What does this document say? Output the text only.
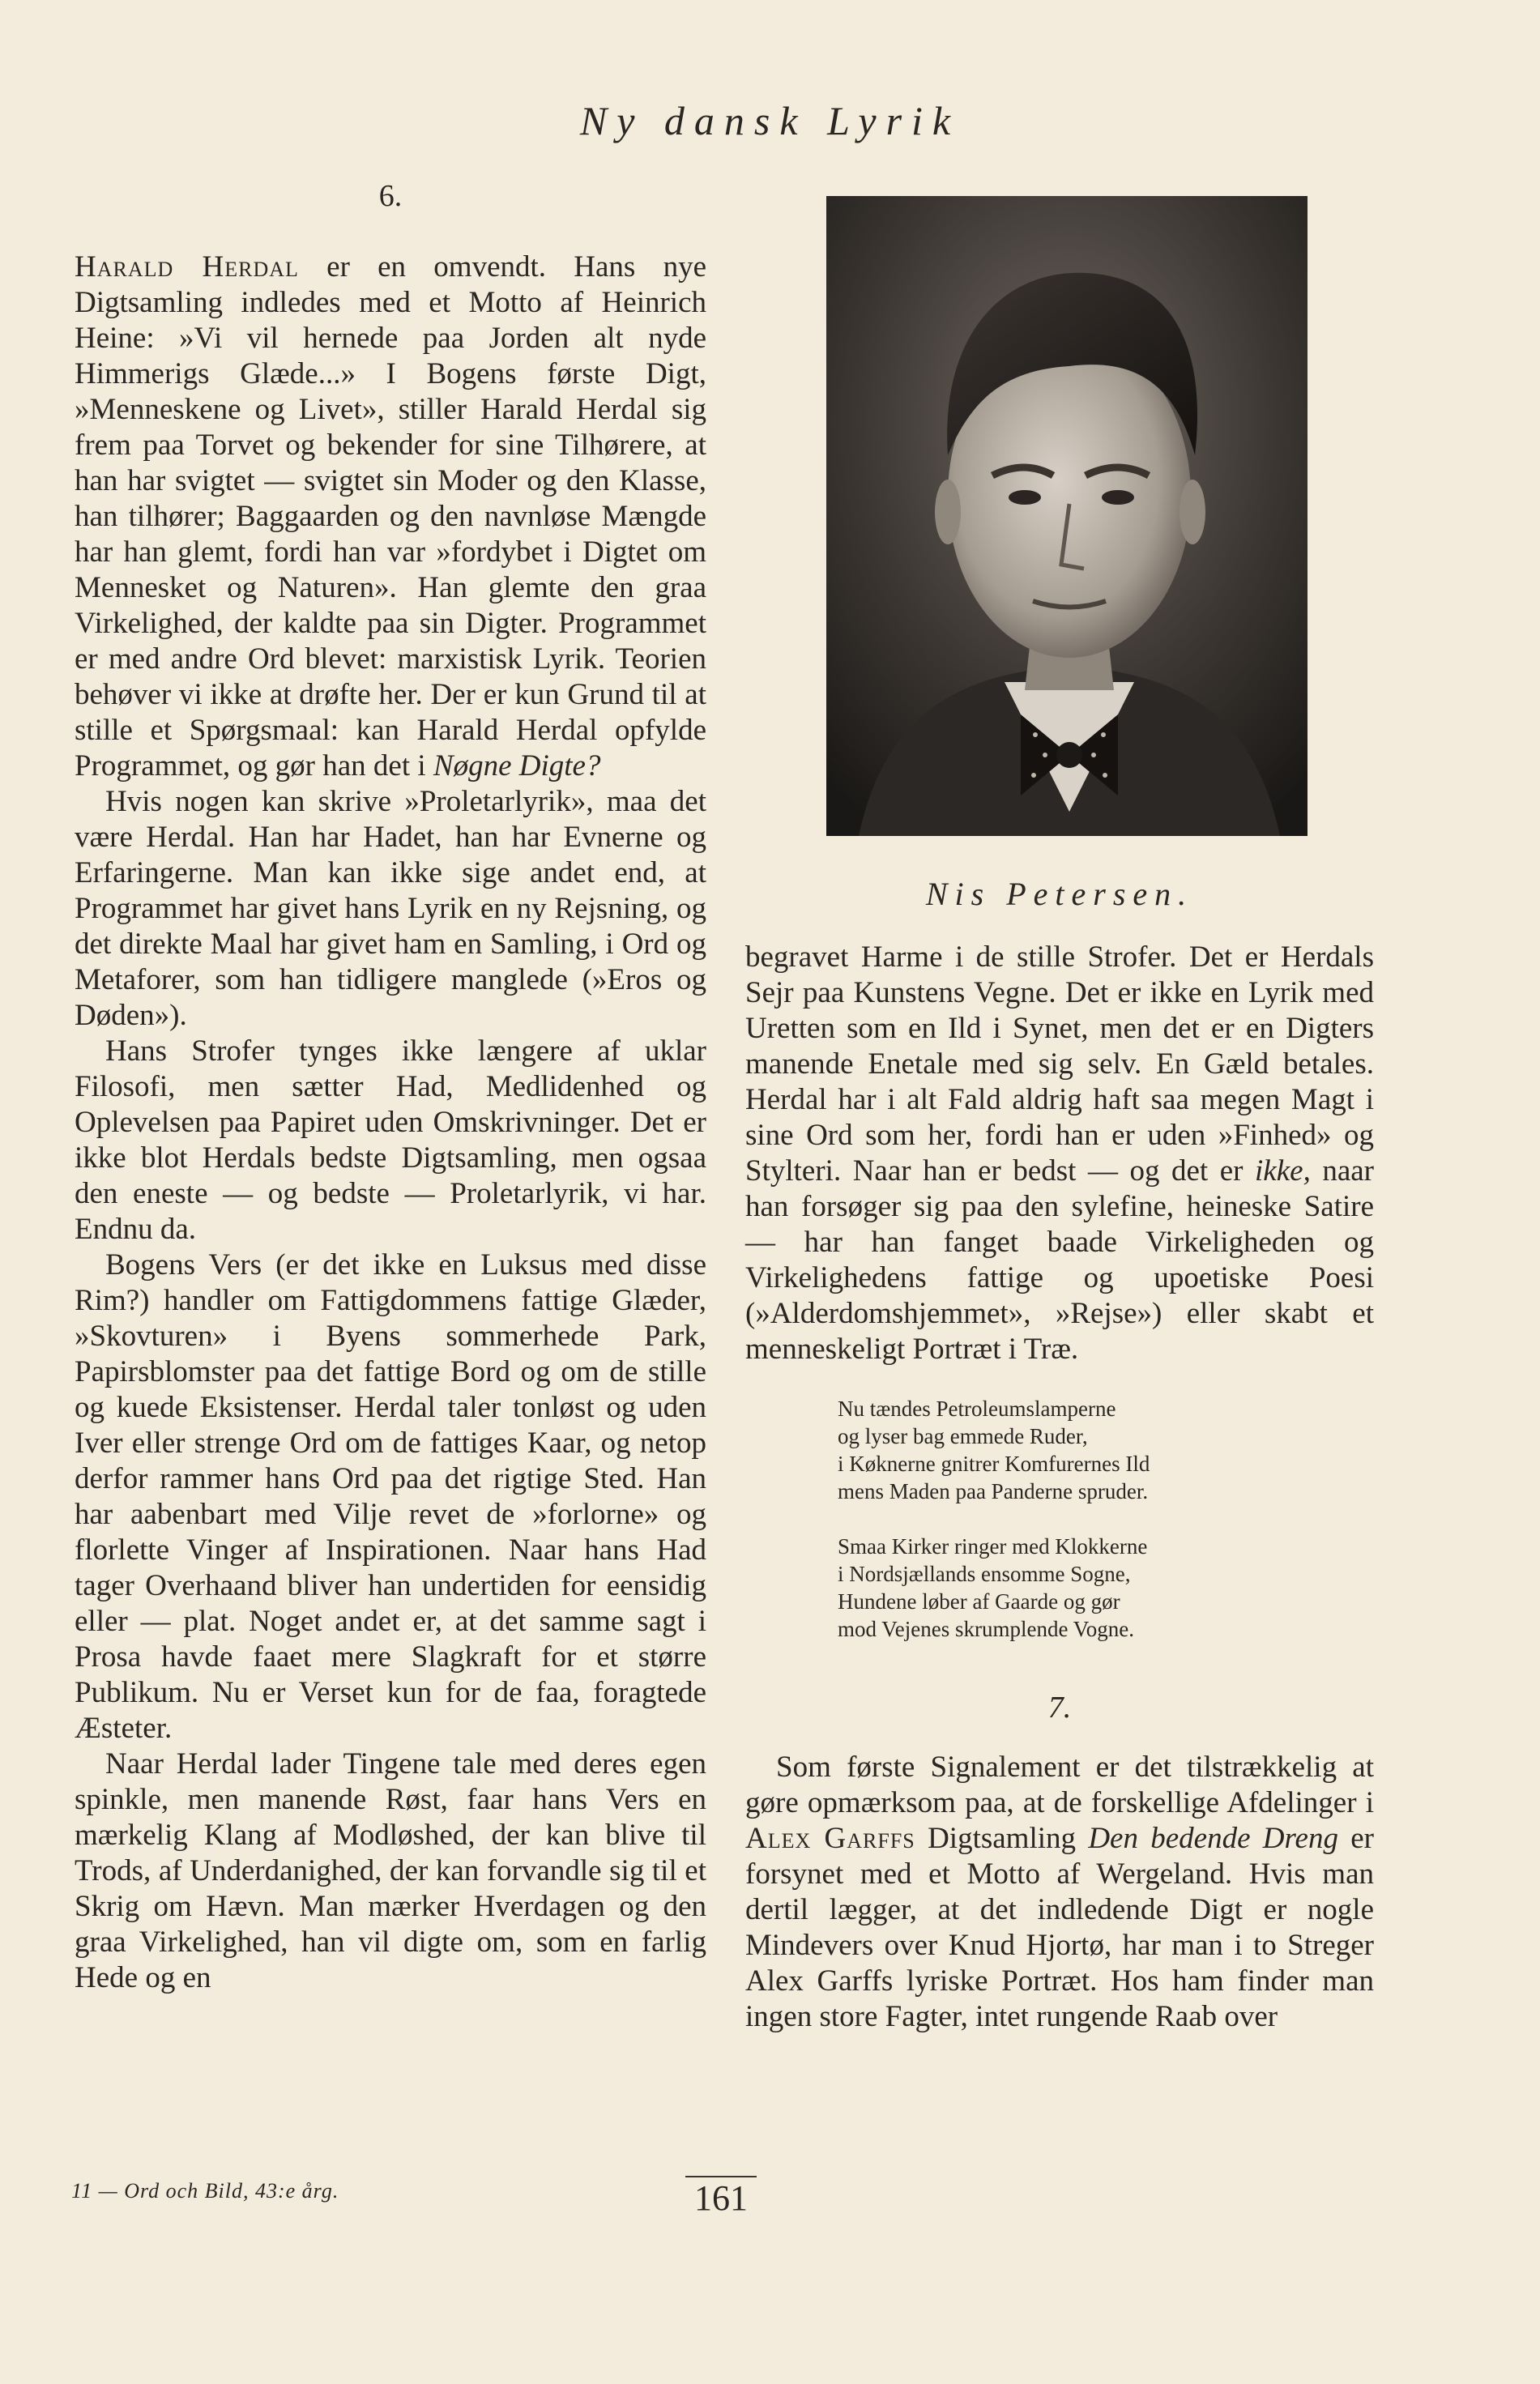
Ny dansk Lyrik
6.

Harald Herdal er en omvendt. Hans nye Digtsamling indledes med et Motto af Heinrich Heine: »Vi vil hernede paa Jorden alt nyde Himmerigs Glæde...» I Bogens første Digt, »Menneskene og Livet», stiller Harald Herdal sig frem paa Torvet og bekender for sine Tilhørere, at han har svigtet — svigtet sin Moder og den Klasse, han tilhører; Baggaarden og den navnløse Mængde har han glemt, fordi han var »fordybet i Digtet om Mennesket og Naturen». Han glemte den graa Virkelighed, der kaldte paa sin Digter. Programmet er med andre Ord blevet: marxistisk Lyrik. Teorien behøver vi ikke at drøfte her. Der er kun Grund til at stille et Spørgsmaal: kan Harald Herdal opfylde Programmet, og gør han det i Nøgne Digte?

Hvis nogen kan skrive »Proletarlyrik», maa det være Herdal. Han har Hadet, han har Evnerne og Erfaringerne. Man kan ikke sige andet end, at Programmet har givet hans Lyrik en ny Rejsning, og det direkte Maal har givet ham en Samling, i Ord og Metaforer, som han tidligere manglede (»Eros og Døden»).

Hans Strofer tynges ikke længere af uklar Filosofi, men sætter Had, Medlidenhed og Oplevelsen paa Papiret uden Omskrivninger. Det er ikke blot Herdals bedste Digtsamling, men ogsaa den eneste — og bedste — Proletarlyrik, vi har. Endnu da.

Bogens Vers (er det ikke en Luksus med disse Rim?) handler om Fattigdommens fattige Glæder, »Skovturen» i Byens sommerhede Park, Papirsblomster paa det fattige Bord og om de stille og kuede Eksistenser. Herdal taler tonløst og uden Iver eller strenge Ord om de fattiges Kaar, og netop derfor rammer hans Ord paa det rigtige Sted. Han har aabenbart med Vilje revet de »forlorne» og florlette Vinger af Inspirationen. Naar hans Had tager Overhaand bliver han undertiden for eensidig eller — plat. Noget andet er, at det samme sagt i Prosa havde faaet mere Slagkraft for et større Publikum. Nu er Verset kun for de faa, foragtede Æsteter.

Naar Herdal lader Tingene tale med deres egen spinkle, men manende Røst, faar hans Vers en mærkelig Klang af Modløshed, der kan blive til Trods, af Underdanighed, der kan forvandle sig til et Skrig om Hævn. Man mærker Hverdagen og den graa Virkelighed, han vil digte om, som en farlig Hede og en

Nis Petersen.

begravet Harme i de stille Strofer. Det er Herdals Sejr paa Kunstens Vegne. Det er ikke en Lyrik med Uretten som en Ild i Synet, men det er en Digters manende Enetale med sig selv. En Gæld betales. Herdal har i alt Fald aldrig haft saa megen Magt i sine Ord som her, fordi han er uden »Finhed» og Stylteri. Naar han er bedst — og det er ikke, naar han forsøger sig paa den sylefine, heineske Satire — har han fanget baade Virkeligheden og Virkelighedens fattige og upoetiske Poesi (»Alderdomshjemmet», »Rejse») eller skabt et menneskeligt Portræt i Træ.

Nu tændes Petroleumslamperne
og lyser bag emmede Ruder,
i Køknerne gnitrer Komfurernes Ild
mens Maden paa Panderne spruder.
Smaa Kirker ringer med Klokkerne
i Nordsjællands ensomme Sogne,
Hundene løber af Gaarde og gør
mod Vejenes skrumplende Vogne.
7.

Som første Signalement er det tilstrækkelig at gøre opmærksom paa, at de forskellige Afdelinger i Alex Garffs Digtsamling Den bedende Dreng er forsynet med et Motto af Wergeland. Hvis man dertil lægger, at det indledende Digt er nogle Mindevers over Knud Hjortø, har man i to Streger Alex Garffs lyriske Portræt. Hos ham finder man ingen store Fagter, intet rungende Raab over

11 — Ord och Bild, 43:e årg.	161
